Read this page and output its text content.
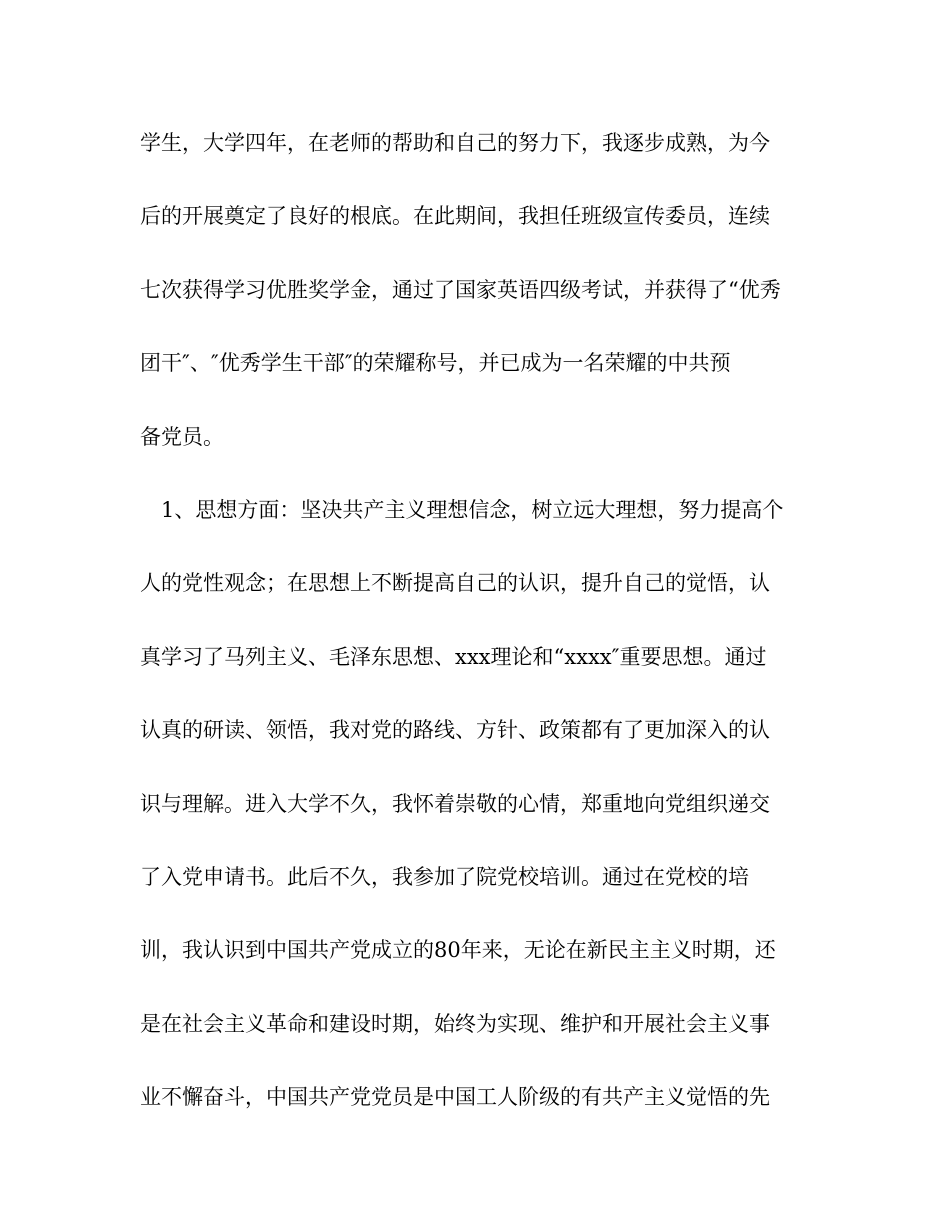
学生，大学四年，在老师的帮助和自己的努力下，我逐步成熟，为今
后的开展奠定了良好的根底。在此期间，我担任班级宣传委员，连续
七次获得学习优胜奖学金，通过了国家英语四级考试，并获得了“优秀
团干″、″优秀学生干部″的荣耀称号，并已成为一名荣耀的中共预
备党员。
1、思想方面：坚决共产主义理想信念，树立远大理想，努力提高个
人的党性观念；在思想上不断提高自己的认识，提升自己的觉悟，认
真学习了马列主义、毛泽东思想、xxx理论和“xxxx″重要思想。通过
认真的研读、领悟，我对党的路线、方针、政策都有了更加深入的认
识与理解。进入大学不久，我怀着崇敬的心情，郑重地向党组织递交
了入党申请书。此后不久，我参加了院党校培训。通过在党校的培
训，我认识到中国共产党成立的80年来，无论在新民主主义时期，还
是在社会主义革命和建设时期，始终为实现、维护和开展社会主义事
业不懈奋斗，中国共产党党员是中国工人阶级的有共产主义觉悟的先
